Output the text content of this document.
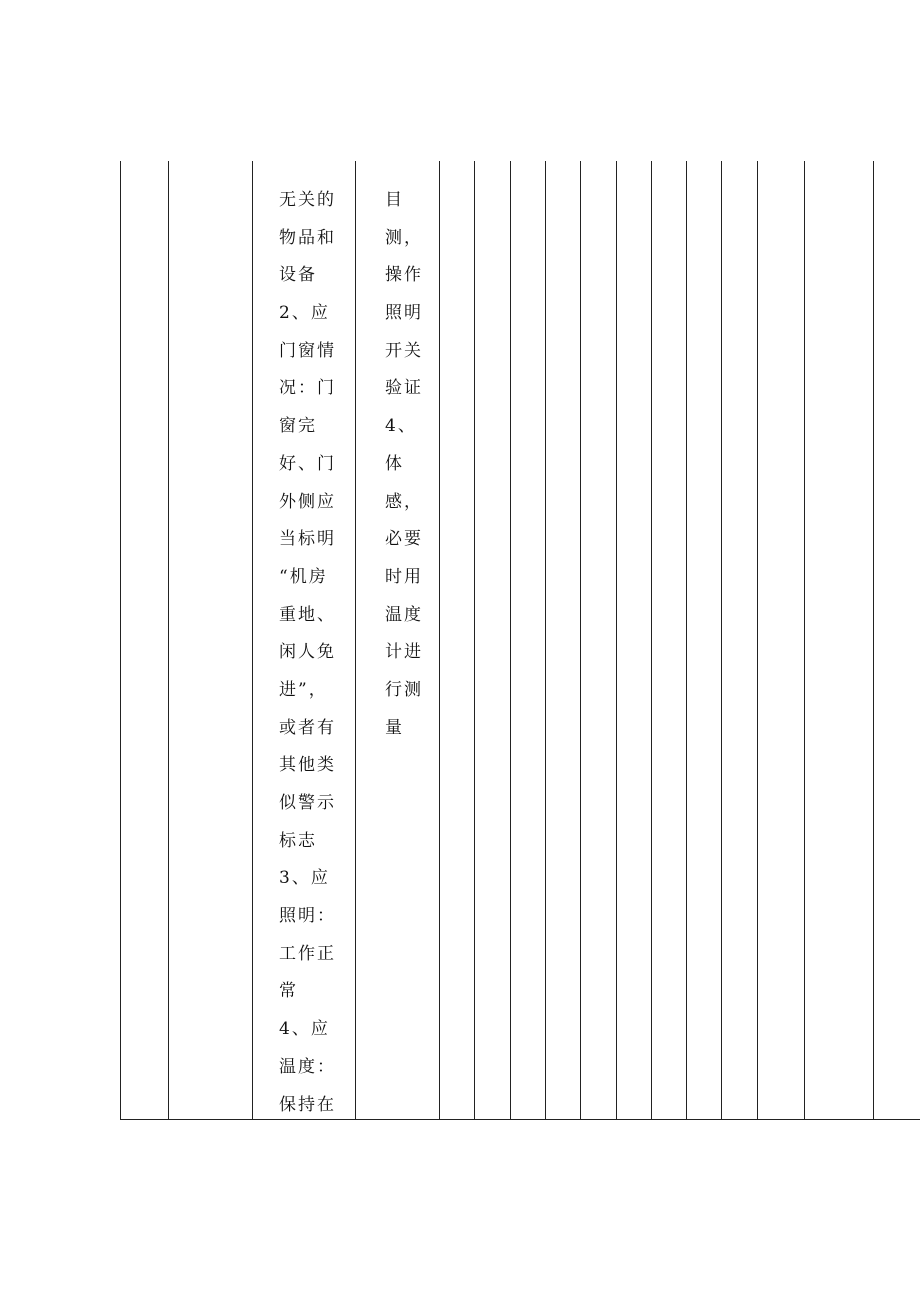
无关的
物品和
设备
2、应
门窗情
况：门
窗完
好、门
外侧应
当标明
“机房
重地、
闲人免
进”，
或者有
其他类
似警示
标志
3、应
照明：
工作正
常
4、应
温度：
保持在
目
测，
操作
照明
开关
验证
4、
体
感，
必要
时用
温度
计进
行测
量
